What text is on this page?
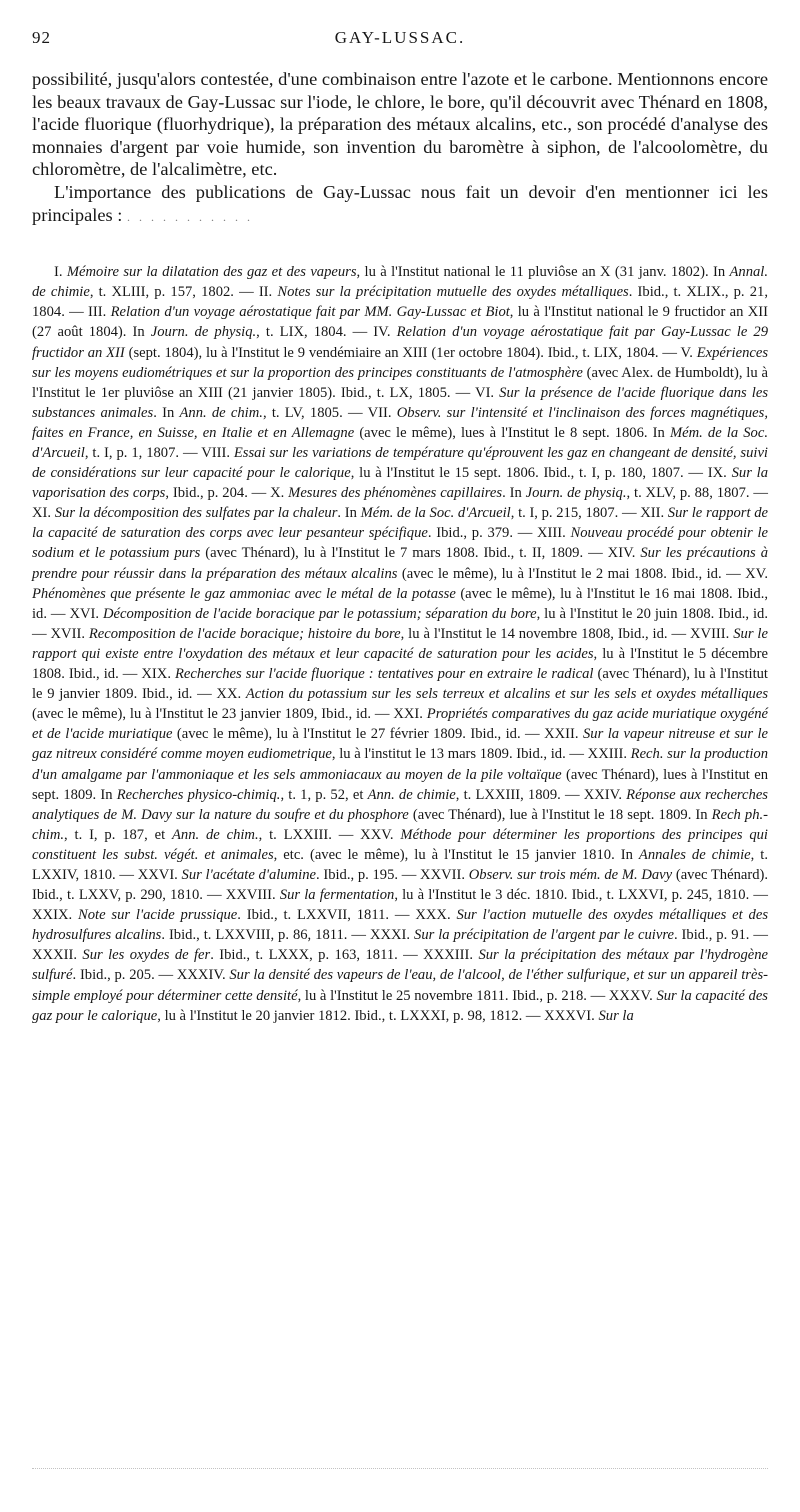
92	GAY-LUSSAC.

possibilité, jusqu'alors contestée, d'une combinaison entre l'azote et le carbone. Mentionnons encore les beaux travaux de Gay-Lussac sur l'iode, le chlore, le bore, qu'il découvrit avec Thénard en 1808, l'acide fluorique (fluorhydrique), la préparation des métaux alcalins, etc., son procédé d'analyse des monnaies d'argent par voie humide, son invention du baromètre à siphon, de l'alcoolomètre, du chloromètre, de l'alcalimètre, etc.

L'importance des publications de Gay-Lussac nous fait un devoir d'en mentionner ici les principales : . . . . . . . . . . .

I. Mémoire sur la dilatation des gaz et des vapeurs, lu à l'Institut national le 11 pluviôse an X (31 janv. 1802). In Annal. de chimie, t. XLIII, p. 157, 1802. — II. Notes sur la précipitation mutuelle des oxydes métalliques. Ibid., t. XLIX., p. 21, 1804. — III. Relation d'un voyage aérostatique fait par MM. Gay-Lussac et Biot, lu à l'Institut national le 9 fructidor an XII (27 août 1804). In Journ. de physiq., t. LIX, 1804. — IV. Relation d'un voyage aérostatique fait par Gay-Lussac le 29 fructidor an XII (sept. 1804), lu à l'Institut le 9 vendémiaire an XIII (1er octobre 1804). Ibid., t. LIX, 1804. — V. Expériences sur les moyens eudiométriques et sur la proportion des principes constituants de l'atmosphère (avec Alex. de Humboldt), lu à l'Institut le 1er pluviôse an XIII (21 janvier 1805). Ibid., t. LX, 1805. — VI. Sur la présence de l'acide fluorique dans les substances animales. In Ann. de chim., t. LV, 1805. — VII. Observ. sur l'intensité et l'inclinaison des forces magnétiques, faites en France, en Suisse, en Italie et en Allemagne (avec le même), lues à l'Institut le 8 sept. 1806. In Mém. de la Soc. d'Arcueil, t. I, p. 1, 1807. — VIII. Essai sur les variations de température qu'éprouvent les gaz en changeant de densité, suivi de considérations sur leur capacité pour le calorique, lu à l'Institut le 15 sept. 1806. Ibid., t. I, p. 180, 1807. — IX. Sur la vaporisation des corps, Ibid., p. 204. — X. Mesures des phénomènes capillaires. In Journ. de physiq., t. XLV, p. 88, 1807. — XI. Sur la décomposition des sulfates par la chaleur. In Mém. de la Soc. d'Arcueil, t. I, p. 215, 1807. — XII. Sur le rapport de la capacité de saturation des corps avec leur pesanteur spécifique. Ibid., p. 379. — XIII. Nouveau procédé pour obtenir le sodium et le potassium purs (avec Thénard), lu à l'Institut le 7 mars 1808. Ibid., t. II, 1809. — XIV. Sur les précautions à prendre pour réussir dans la préparation des métaux alcalins (avec le même), lu à l'Institut le 2 mai 1808. Ibid., id. — XV. Phénomènes que présente le gaz ammoniac avec le métal de la potasse (avec le même), lu à l'Institut le 16 mai 1808. Ibid., id. — XVI. Décomposition de l'acide boracique par le potassium; séparation du bore, lu à l'Institut le 20 juin 1808. Ibid., id. — XVII. Recomposition de l'acide boracique; histoire du bore, lu à l'Institut le 14 novembre 1808, Ibid., id. — XVIII. Sur le rapport qui existe entre l'oxydation des métaux et leur capacité de saturation pour les acides, lu à l'Institut le 5 décembre 1808. Ibid., id. — XIX. Recherches sur l'acide fluorique : tentatives pour en extraire le radical (avec Thénard), lu à l'Institut le 9 janvier 1809. Ibid., id. — XX. Action du potassium sur les sels terreux et alcalins et sur les sels et oxydes métalliques (avec le même), lu à l'Institut le 23 janvier 1809, Ibid., id. — XXI. Propriétés comparatives du gaz acide muriatique oxygéné et de l'acide muriatique (avec le même), lu à l'Institut le 27 février 1809. Ibid., id. — XXII. Sur la vapeur nitreuse et sur le gaz nitreux considéré comme moyen eudiometrique, lu à l'institut le 13 mars 1809. Ibid., id. — XXIII. Rech. sur la production d'un amalgame par l'ammoniaque et les sels ammoniacaux au moyen de la pile voltaïque (avec Thénard), lues à l'Institut en sept. 1809. In Recherches physico-chimiq., t. 1, p. 52, et Ann. de chimie, t. LXXIII, 1809. — XXIV. Réponse aux recherches analytiques de M. Davy sur la nature du soufre et du phosphore (avec Thénard), lue à l'Institut le 18 sept. 1809. In Rech ph.-chim., t. I, p. 187, et Ann. de chim., t. LXXIII. — XXV. Méthode pour déterminer les proportions des principes qui constituent les subst. végét. et animales, etc. (avec le même), lu à l'Institut le 15 janvier 1810. In Annales de chimie, t. LXXIV, 1810. — XXVI. Sur l'acétate d'alumine. Ibid., p. 195. — XXVII. Observ. sur trois mém. de M. Davy (avec Thénard). Ibid., t. LXXV, p. 290, 1810. — XXVIII. Sur la fermentation, lu à l'Institut le 3 déc. 1810. Ibid., t. LXXVI, p. 245, 1810. — XXIX. Note sur l'acide prussique. Ibid., t. LXXVII, 1811. — XXX. Sur l'action mutuelle des oxydes métalliques et des hydrosulfures alcalins. Ibid., t. LXXVIII, p. 86, 1811. — XXXI. Sur la précipitation de l'argent par le cuivre. Ibid., p. 91. — XXXII. Sur les oxydes de fer. Ibid., t. LXXX, p. 163, 1811. — XXXIII. Sur la précipitation des métaux par l'hydrogène sulfuré. Ibid., p. 205. — XXXIV. Sur la densité des vapeurs de l'eau, de l'alcool, de l'éther sulfurique, et sur un appareil très-simple employé pour déterminer cette densité, lu à l'Institut le 25 novembre 1811. Ibid., p. 218. — XXXV. Sur la capacité des gaz pour le calorique, lu à l'Institut le 20 janvier 1812. Ibid., t. LXXXI, p. 98, 1812. — XXXVI. Sur la
